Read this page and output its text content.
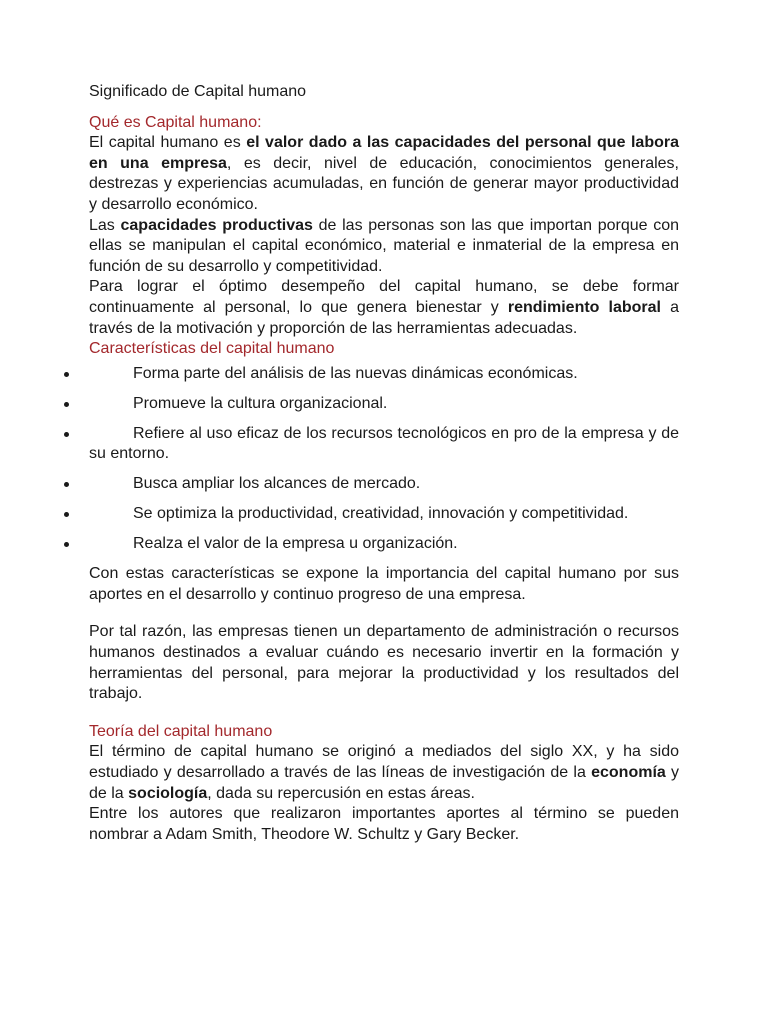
Significado de Capital humano
Qué es Capital humano:

El capital humano es el valor dado a las capacidades del personal que labora en una empresa, es decir, nivel de educación, conocimientos generales, destrezas y experiencias acumuladas, en función de generar mayor productividad y desarrollo económico.

Las capacidades productivas de las personas son las que importan porque con ellas se manipulan el capital económico, material e inmaterial de la empresa en función de su desarrollo y competitividad.

Para lograr el óptimo desempeño del capital humano, se debe formar continuamente al personal, lo que genera bienestar y rendimiento laboral a través de la motivación y proporción de las herramientas adecuadas.

Características del capital humano
Forma parte del análisis de las nuevas dinámicas económicas.
Promueve la cultura organizacional.
Refiere al uso eficaz de los recursos tecnológicos en pro de la empresa y de su entorno.
Busca ampliar los alcances de mercado.
Se optimiza la productividad, creatividad, innovación y competitividad.
Realza el valor de la empresa u organización.

Con estas características se expone la importancia del capital humano por sus aportes en el desarrollo y continuo progreso de una empresa.

Por tal razón, las empresas tienen un departamento de administración o recursos humanos destinados a evaluar cuándo es necesario invertir en la formación y herramientas del personal, para mejorar la productividad y los resultados del trabajo.

Teoría del capital humano

El término de capital humano se originó a mediados del siglo XX, y ha sido estudiado y desarrollado a través de las líneas de investigación de la economía y de la sociología, dada su repercusión en estas áreas.

Entre los autores que realizaron importantes aportes al término se pueden nombrar a Adam Smith, Theodore W. Schultz y Gary Becker.
